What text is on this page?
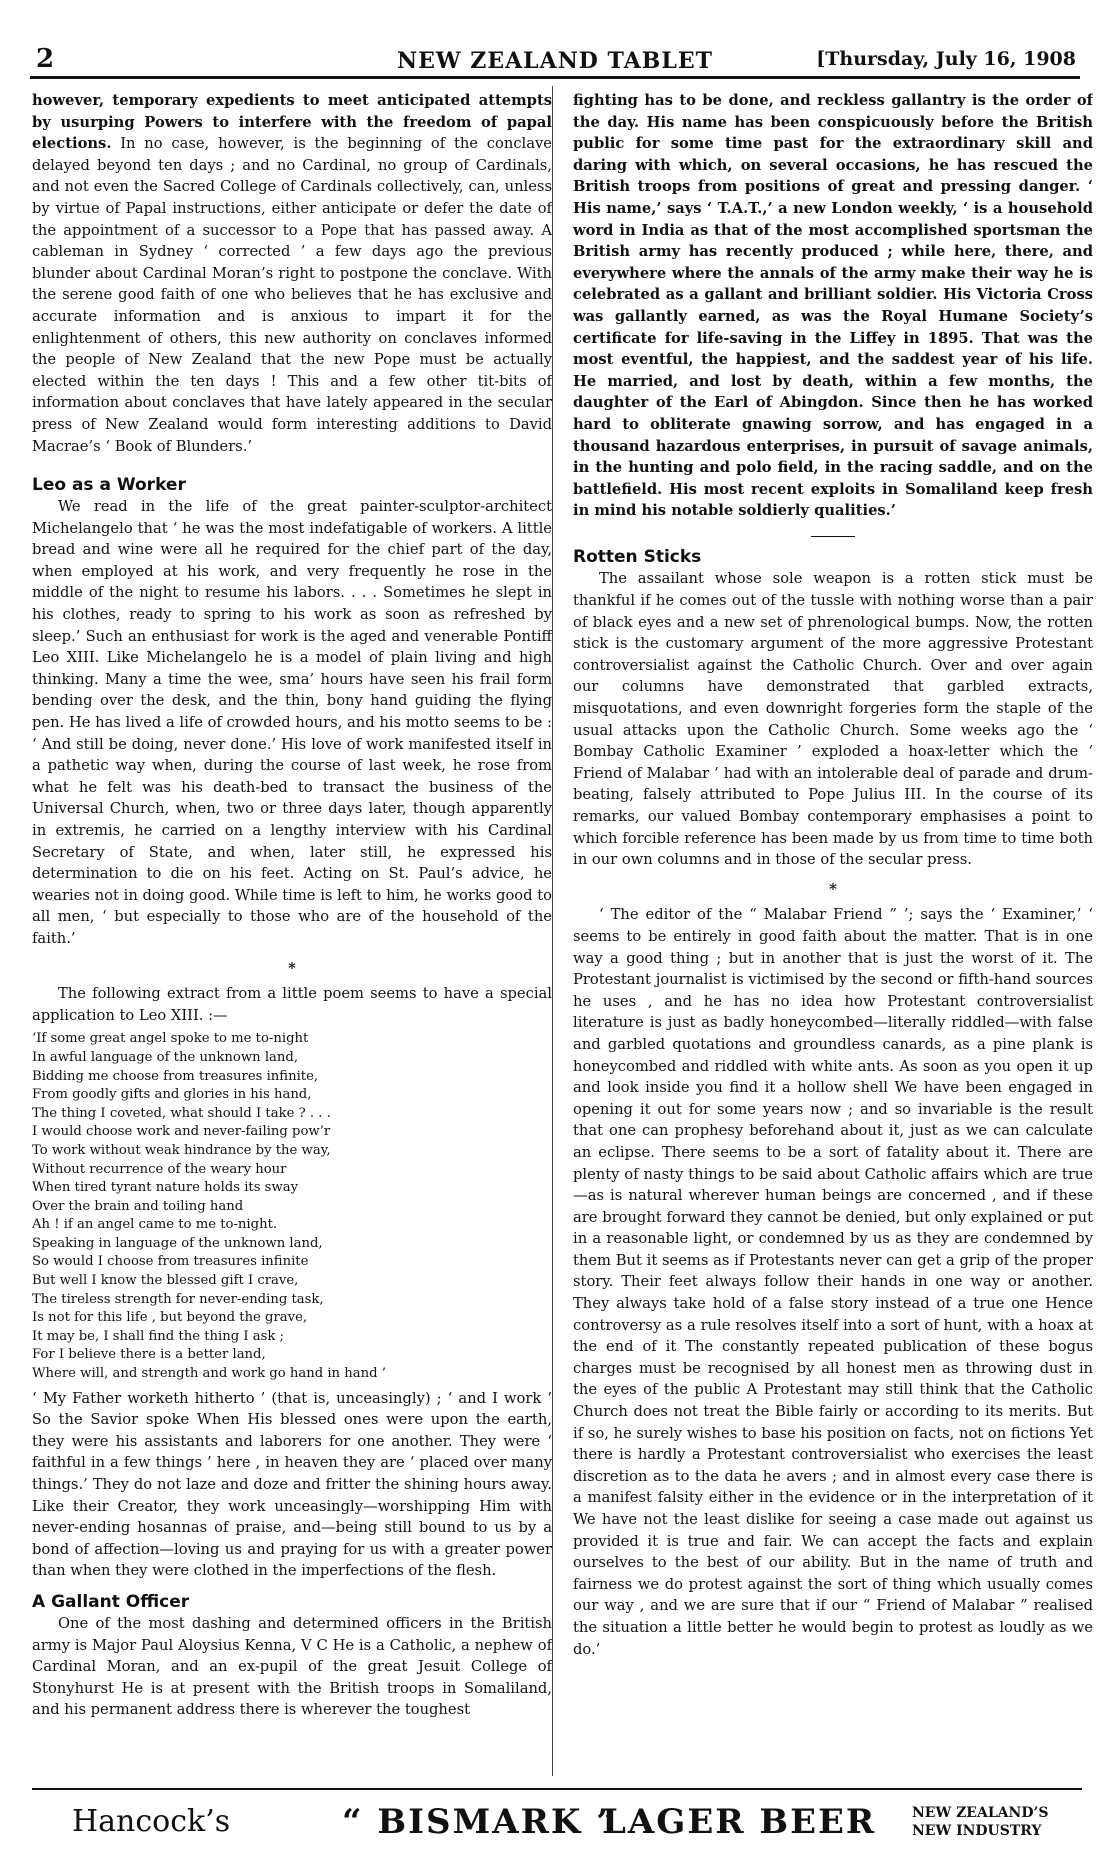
2	NEW ZEALAND TABLET	[Thursday, July 16, 1908

however, temporary expedients to meet anticipated attempts by usurping Powers to interfere with the freedom of papal elections. In no case, however, is the beginning of the conclave delayed beyond ten days ; and no Cardinal, no group of Cardinals, and not even the Sacred College of Cardinals collectively, can, unless by virtue of Papal instructions, either anticipate or defer the date of the appointment of a successor to a Pope that has passed away. A cableman in Sydney ‘ corrected ’ a few days ago the previous blunder about Cardinal Moran’s right to postpone the conclave. With the serene good faith of one who believes that he has exclusive and accurate information and is anxious to impart it for the enlightenment of others, this new authority on conclaves informed the people of New Zealand that the new Pope must be actually elected within the ten days ! This and a few other tit-bits of information about conclaves that have lately appeared in the secular press of New Zealand would form interesting additions to David Macrae’s ‘ Book of Blunders.’

Leo as a Worker

We read in the life of the great painter-sculptor-architect Michelangelo that ‘ he was the most indefatigable of workers. A little bread and wine were all he required for the chief part of the day, when employed at his work, and very frequently he rose in the middle of the night to resume his labors. . . . Sometimes he slept in his clothes, ready to spring to his work as soon as refreshed by sleep.’ Such an enthusiast for work is the aged and venerable Pontiff Leo XIII. Like Michelangelo he is a model of plain living and high thinking. Many a time the wee, sma’ hours have seen his frail form bending over the desk, and the thin, bony hand guiding the flying pen. He has lived a life of crowded hours, and his motto seems to be : ‘ And still be doing, never done.’ His love of work manifested itself in a pathetic way when, during the course of last week, he rose from what he felt was his death-bed to transact the business of the Universal Church, when, two or three days later, though apparently in extremis, he carried on a lengthy interview with his Cardinal Secretary of State, and when, later still, he expressed his determination to die on his feet. Acting on St. Paul’s advice, he wearies not in doing good. While time is left to him, he works good to all men, ‘ but especially to those who are of the household of the faith.’

*

The following extract from a little poem seems to have a special application to Leo XIII. :—

‘If some great angel spoke to me to-night
In awful language of the unknown land,
Bidding me choose from treasures infinite,
From goodly gifts and glories in his hand,
The thing I coveted, what should I take ? . . .
I would choose work and never-failing pow’r
To work without weak hindrance by the way,
Without recurrence of the weary hour
When tired tyrant nature holds its sway
Over the brain and toiling hand
Ah ! if an angel came to me to-night.
Speaking in language of the unknown land,
So would I choose from treasures infinite
But well I know the blessed gift I crave,
The tireless strength for never-ending task,
Is not for this life , but beyond the grave,
It may be, I shall find the thing I ask ;
For I believe there is a better land,
Where will, and strength and work go hand in hand ’

‘ My Father worketh hitherto ’ (that is, unceasingly) ; ‘ and I work ’ So the Savior spoke When His blessed ones were upon the earth, they were his assistants and laborers for one another. They were ‘ faithful in a few things ’ here , in heaven they are ‘ placed over many things.’ They do not laze and doze and fritter the shining hours away. Like their Creator, they work unceasingly—worshipping Him with never-ending hosannas of praise, and—being still bound to us by a bond of affection—loving us and praying for us with a greater power than when they were clothed in the imperfections of the flesh.

A Gallant Officer

One of the most dashing and determined officers in the British army is Major Paul Aloysius Kenna, V C He is a Catholic, a nephew of Cardinal Moran, and an ex-pupil of the great Jesuit College of Stonyhurst He is at present with the British troops in Somaliland, and his permanent address there is wherever the toughest

fighting has to be done, and reckless gallantry is the order of the day. His name has been conspicuously before the British public for some time past for the extraordinary skill and daring with which, on several occasions, he has rescued the British troops from positions of great and pressing danger. ‘ His name,’ says ‘ T.A.T.,’ a new London weekly, ‘ is a household word in India as that of the most accomplished sportsman the British army has recently produced ; while here, there, and everywhere where the annals of the army make their way he is celebrated as a gallant and brilliant soldier. His Victoria Cross was gallantly earned, as was the Royal Humane Society’s certificate for life-saving in the Liffey in 1895. That was the most eventful, the happiest, and the saddest year of his life. He married, and lost by death, within a few months, the daughter of the Earl of Abingdon. Since then he has worked hard to obliterate gnawing sorrow, and has engaged in a thousand hazardous enterprises, in pursuit of savage animals, in the hunting and polo field, in the racing saddle, and on the battlefield. His most recent exploits in Somaliland keep fresh in mind his notable soldierly qualities.’

Rotten Sticks

The assailant whose sole weapon is a rotten stick must be thankful if he comes out of the tussle with nothing worse than a pair of black eyes and a new set of phrenological bumps. Now, the rotten stick is the customary argument of the more aggressive Protestant controversialist against the Catholic Church. Over and over again our columns have demonstrated that garbled extracts, misquotations, and even downright forgeries form the staple of the usual attacks upon the Catholic Church. Some weeks ago the ‘ Bombay Catholic Examiner ’ exploded a hoax-letter which the ‘ Friend of Malabar ’ had with an intolerable deal of parade and drum-beating, falsely attributed to Pope Julius III. In the course of its remarks, our valued Bombay contemporary emphasises a point to which forcible reference has been made by us from time to time both in our own columns and in those of the secular press.

*

‘ The editor of the “ Malabar Friend ” ’; says the ‘ Examiner,’ ‘ seems to be entirely in good faith about the matter. That is in one way a good thing ; but in another that is just the worst of it. The Protestant journalist is victimised by the second or fifth-hand sources he uses , and he has no idea how Protestant controversialist literature is just as badly honeycombed—literally riddled—with false and garbled quotations and groundless canards, as a pine plank is honeycombed and riddled with white ants. As soon as you open it up and look inside you find it a hollow shell We have been engaged in opening it out for some years now ; and so invariable is the result that one can prophesy beforehand about it, just as we can calculate an eclipse. There seems to be a sort of fatality about it. There are plenty of nasty things to be said about Catholic affairs which are true—as is natural wherever human beings are concerned , and if these are brought forward they cannot be denied, but only explained or put in a reasonable light, or condemned by us as they are condemned by them But it seems as if Protestants never can get a grip of the proper story. Their feet always follow their hands in one way or another. They always take hold of a false story instead of a true one Hence controversy as a rule resolves itself into a sort of hunt, with a hoax at the end of it The constantly repeated publication of these bogus charges must be recognised by all honest men as throwing dust in the eyes of the public A Protestant may still think that the Catholic Church does not treat the Bible fairly or according to its merits. But if so, he surely wishes to base his position on facts, not on fictions Yet there is hardly a Protestant controversialist who exercises the least discretion as to the data he avers ; and in almost every case there is a manifest falsity either in the evidence or in the interpretation of it We have not the least dislike for seeing a case made out against us provided it is true and fair. We can accept the facts and explain ourselves to the best of our ability. But in the name of truth and fairness we do protest against the sort of thing which usually comes our way , and we are sure that if our “ Friend of Malabar ” realised the situation a little better he would begin to protest as loudly as we do.’

Hancock’s	“ BISMARK ”
LAGER BEER	NEW ZEALAND’S
NEW INDUSTRY
